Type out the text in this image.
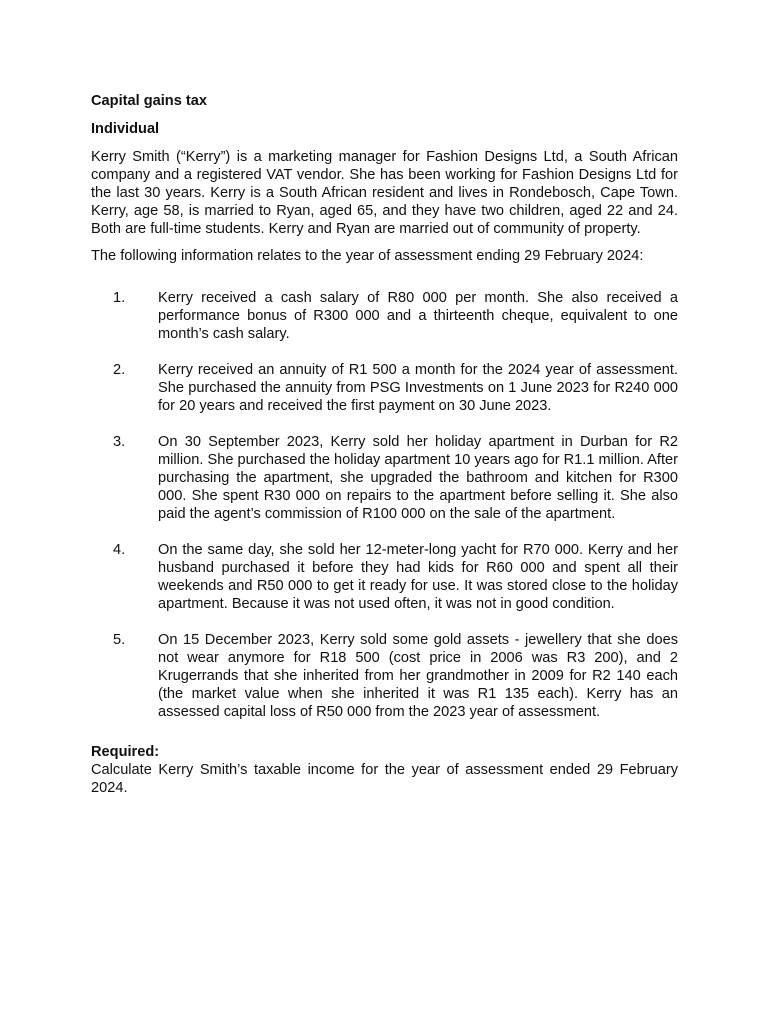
Capital gains tax

Individual

Kerry Smith (“Kerry”) is a marketing manager for Fashion Designs Ltd, a South African company and a registered VAT vendor. She has been working for Fashion Designs Ltd for the last 30 years. Kerry is a South African resident and lives in Rondebosch, Cape Town. Kerry, age 58, is married to Ryan, aged 65, and they have two children, aged 22 and 24. Both are full-time students. Kerry and Ryan are married out of community of property.

The following information relates to the year of assessment ending 29 February 2024:

1.	Kerry received a cash salary of R80 000 per month. She also received a performance bonus of R300 000 and a thirteenth cheque, equivalent to one month’s cash salary.
2.	Kerry received an annuity of R1 500 a month for the 2024 year of assessment. She purchased the annuity from PSG Investments on 1 June 2023 for R240 000 for 20 years and received the first payment on 30 June 2023.
3.	On 30 September 2023, Kerry sold her holiday apartment in Durban for R2 million. She purchased the holiday apartment 10 years ago for R1.1 million. After purchasing the apartment, she upgraded the bathroom and kitchen for R300 000. She spent R30 000 on repairs to the apartment before selling it. She also paid the agent’s commission of R100 000 on the sale of the apartment.
4.	On the same day, she sold her 12-meter-long yacht for R70 000. Kerry and her husband purchased it before they had kids for R60 000 and spent all their weekends and R50 000 to get it ready for use. It was stored close to the holiday apartment. Because it was not used often, it was not in good condition.
5.	On 15 December 2023, Kerry sold some gold assets - jewellery that she does not wear anymore for R18 500 (cost price in 2006 was R3 200), and 2 Krugerrands that she inherited from her grandmother in 2009 for R2 140 each (the market value when she inherited it was R1 135 each). Kerry has an assessed capital loss of R50 000 from the 2023 year of assessment.

Required:

Calculate Kerry Smith’s taxable income for the year of assessment ended 29 February 2024.
